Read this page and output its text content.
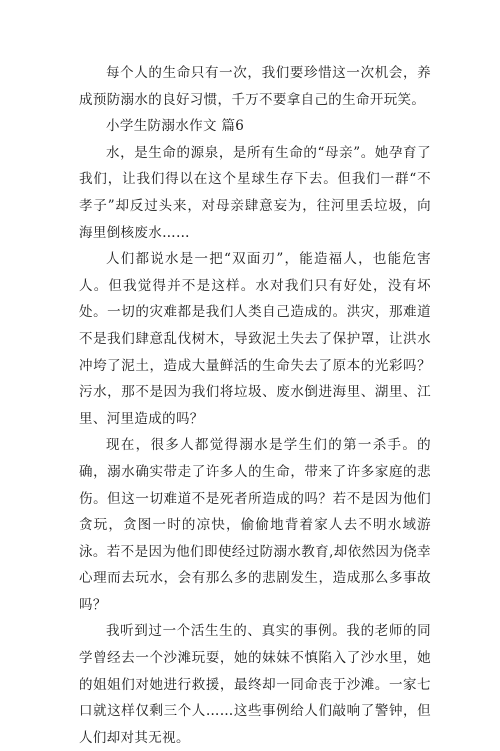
每个人的生命只有一次，我们要珍惜这一次机会，养成预防溺水的良好习惯，千万不要拿自己的生命开玩笑。

小学生防溺水作文 篇6

水，是生命的源泉，是所有生命的“母亲”。她孕育了我们，让我们得以在这个星球生存下去。但我们一群“不孝子”却反过头来，对母亲肆意妄为，往河里丢垃圾，向海里倒核废水……

人们都说水是一把“双面刃”，能造福人，也能危害人。但我觉得并不是这样。水对我们只有好处，没有坏处。一切的灾难都是我们人类自己造成的。洪灾，那难道不是我们肆意乱伐树木，导致泥土失去了保护罩，让洪水冲垮了泥土，造成大量鲜活的生命失去了原本的光彩吗？污水，那不是因为我们将垃圾、废水倒进海里、湖里、江里、河里造成的吗？

现在，很多人都觉得溺水是学生们的第一杀手。的确，溺水确实带走了许多人的生命，带来了许多家庭的悲伤。但这一切难道不是死者所造成的吗？若不是因为他们贪玩，贪图一时的凉快，偷偷地背着家人去不明水域游泳。若不是因为他们即使经过防溺水教育,却依然因为侥幸心理而去玩水，会有那么多的悲剧发生，造成那么多事故吗？

我听到过一个活生生的、真实的事例。我的老师的同学曾经去一个沙滩玩耍，她的妹妹不慎陷入了沙水里，她的姐姐们对她进行救援，最终却一同命丧于沙滩。一家七口就这样仅剩三个人……这些事例给人们敲响了警钟，但人们却对其无视。
